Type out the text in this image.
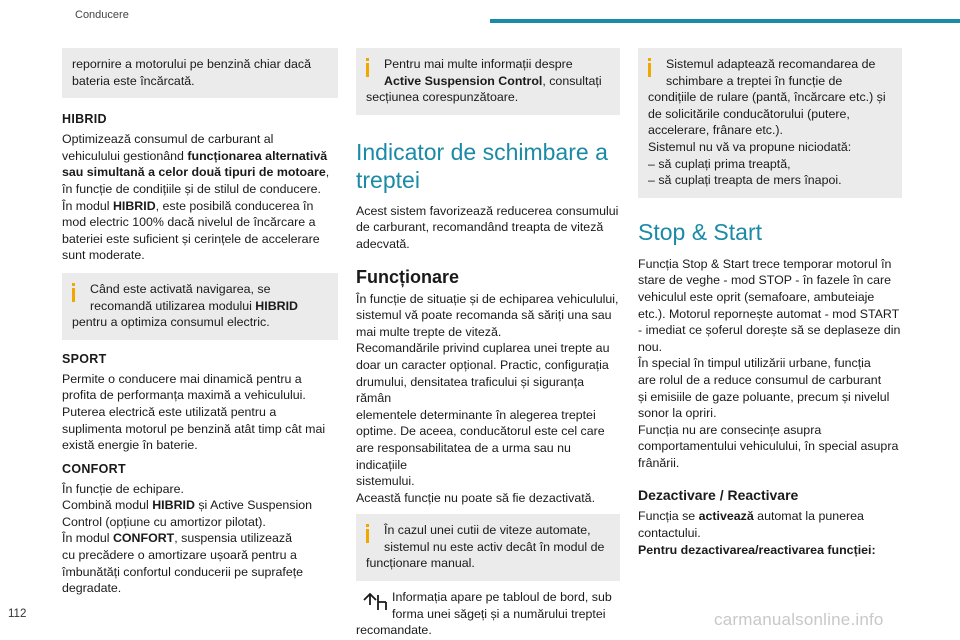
Conducere
repornire a motorului pe benzină chiar dacă
bateria este încărcată.
HIBRID
Optimizează consumul de carburant al
vehiculului gestionând funcționarea alternativă
sau simultană a celor două tipuri de motoare,
în funcție de condițiile și de stilul de conducere.
În modul HIBRID, este posibilă conducerea în
mod electric 100% dacă nivelul de încărcare a
bateriei este suficient și cerințele de accelerare
sunt moderate.
Când este activată navigarea, se
recomandă utilizarea modului HIBRID
pentru a optimiza consumul electric.
SPORT
Permite o conducere mai dinamică pentru a
profita de performanța maximă a vehiculului.
Puterea electrică este utilizată pentru a
suplimenta motorul pe benzină atât timp cât mai
există energie în baterie.
CONFORT
În funcție de echipare.
Combină modul HIBRID și Active Suspension
Control (opțiune cu amortizor pilotat).
În modul CONFORT, suspensia utilizează
cu precădere o amortizare ușoară pentru a
îmbunătăți confortul conducerii pe suprafețe
degradate.
Pentru mai multe informații despre
Active Suspension Control, consultați
secțiunea corespunzătoare.
Indicator de schimbare a
treptei
Acest sistem favorizează reducerea consumului
de carburant, recomandând treapta de viteză
adecvată.
Funcționare
În funcție de situație și de echiparea vehiculului,
sistemul vă poate recomanda să săriți una sau
mai multe trepte de viteză.
Recomandările privind cuplarea unei trepte au
doar un caracter opțional. Practic, configurația
drumului, densitatea traficului și siguranța rămân
elementele determinante în alegerea treptei
optime. De aceea, conducătorul este cel care
are responsabilitatea de a urma sau nu indicațiile
sistemului.
Această funcție nu poate să fie dezactivată.
În cazul unei cutii de viteze automate,
sistemul nu este activ decât în modul de
funcționare manual.
Informația apare pe tabloul de bord, sub
forma unei săgeți și a numărului treptei
recomandate.
Sistemul adaptează recomandarea de
schimbare a treptei în funcție de
condițiile de rulare (pantă, încărcare etc.) și
de solicitările conducătorului (putere,
accelerare, frânare etc.).
Sistemul nu vă va propune niciodată:
– să cuplați prima treaptă,
– să cuplați treapta de mers înapoi.
Stop & Start
Funcția Stop & Start trece temporar motorul în
stare de veghe - mod STOP - în fazele în care
vehiculul este oprit (semafoare, ambuteiaje
etc.). Motorul repornește automat - mod START
- imediat ce șoferul dorește să se deplaseze din
nou.
În special în timpul utilizării urbane, funcția
are rolul de a reduce consumul de carburant
și emisiile de gaze poluante, precum și nivelul
sonor la opriri.
Funcția nu are consecințe asupra
comportamentului vehiculului, în special asupra
frânării.
Dezactivare / Reactivare
Funcția se activează automat la punerea
contactului.
Pentru dezactivarea/reactivarea funcției:
112	carmanualsonline.info
